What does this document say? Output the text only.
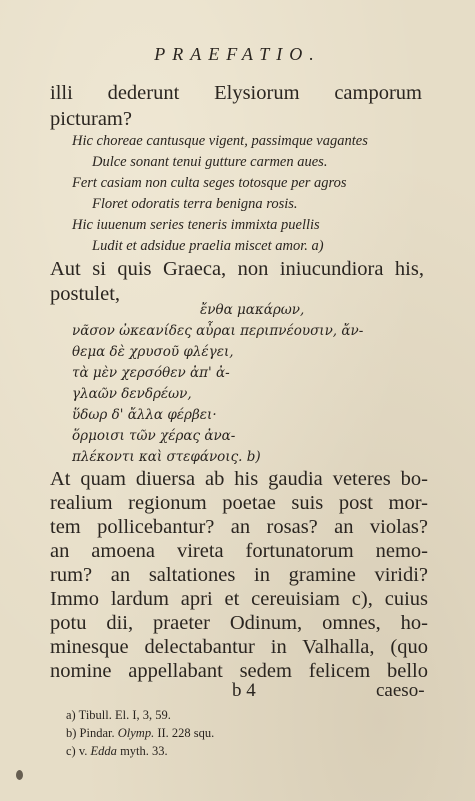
PRAEFATIO.
illi dederunt Elysiorum camporum
picturam?
Hic choreae cantusque vigent, passimque vagantes
Dulce sonant tenui gutture carmen aues.
Fert casiam non culta seges totosque per agros
Floret odoratis terra benigna rosis.
Hic iuuenum series teneris immixta puellis
Ludit et adsidue praelia miscet amor. a)
Aut si quis Graeca, non iniucundiora his,
postulet,
ἔνθα μακάρων,
νᾶσον ὠκεανίδες αὖραι περιπνέουσιν, ἄν-
θεμα δὲ χρυσοῦ φλέγει,
τὰ μὲν χερσόθεν ἀπ' ἀ-
γλαῶν δενδρέων,
ὕδωρ δ' ἄλλα φέρβει·
ὅρμοισι τῶν χέρας ἀνα-
πλέκοντι καὶ στεφάνοις. b)
At quam diuersa ab his gaudia veteres bo-
realium regionum poetae suis post mor-
tem pollicebantur? an rosas? an violas?
an amoena vireta fortunatorum nemo-
rum? an saltationes in gramine viridi?
Immo lardum apri et cereuisiam c), cuius
potu dii, praeter Odinum, omnes, ho-
minesque delectabantur in Valhalla, (quo
nomine appellabant sedem felicem bello
b 4	caeso-
a) Tibull. El. I, 3, 59.
b) Pindar. Olymp. II. 228 squ.
c) v. Edda myth. 33.
